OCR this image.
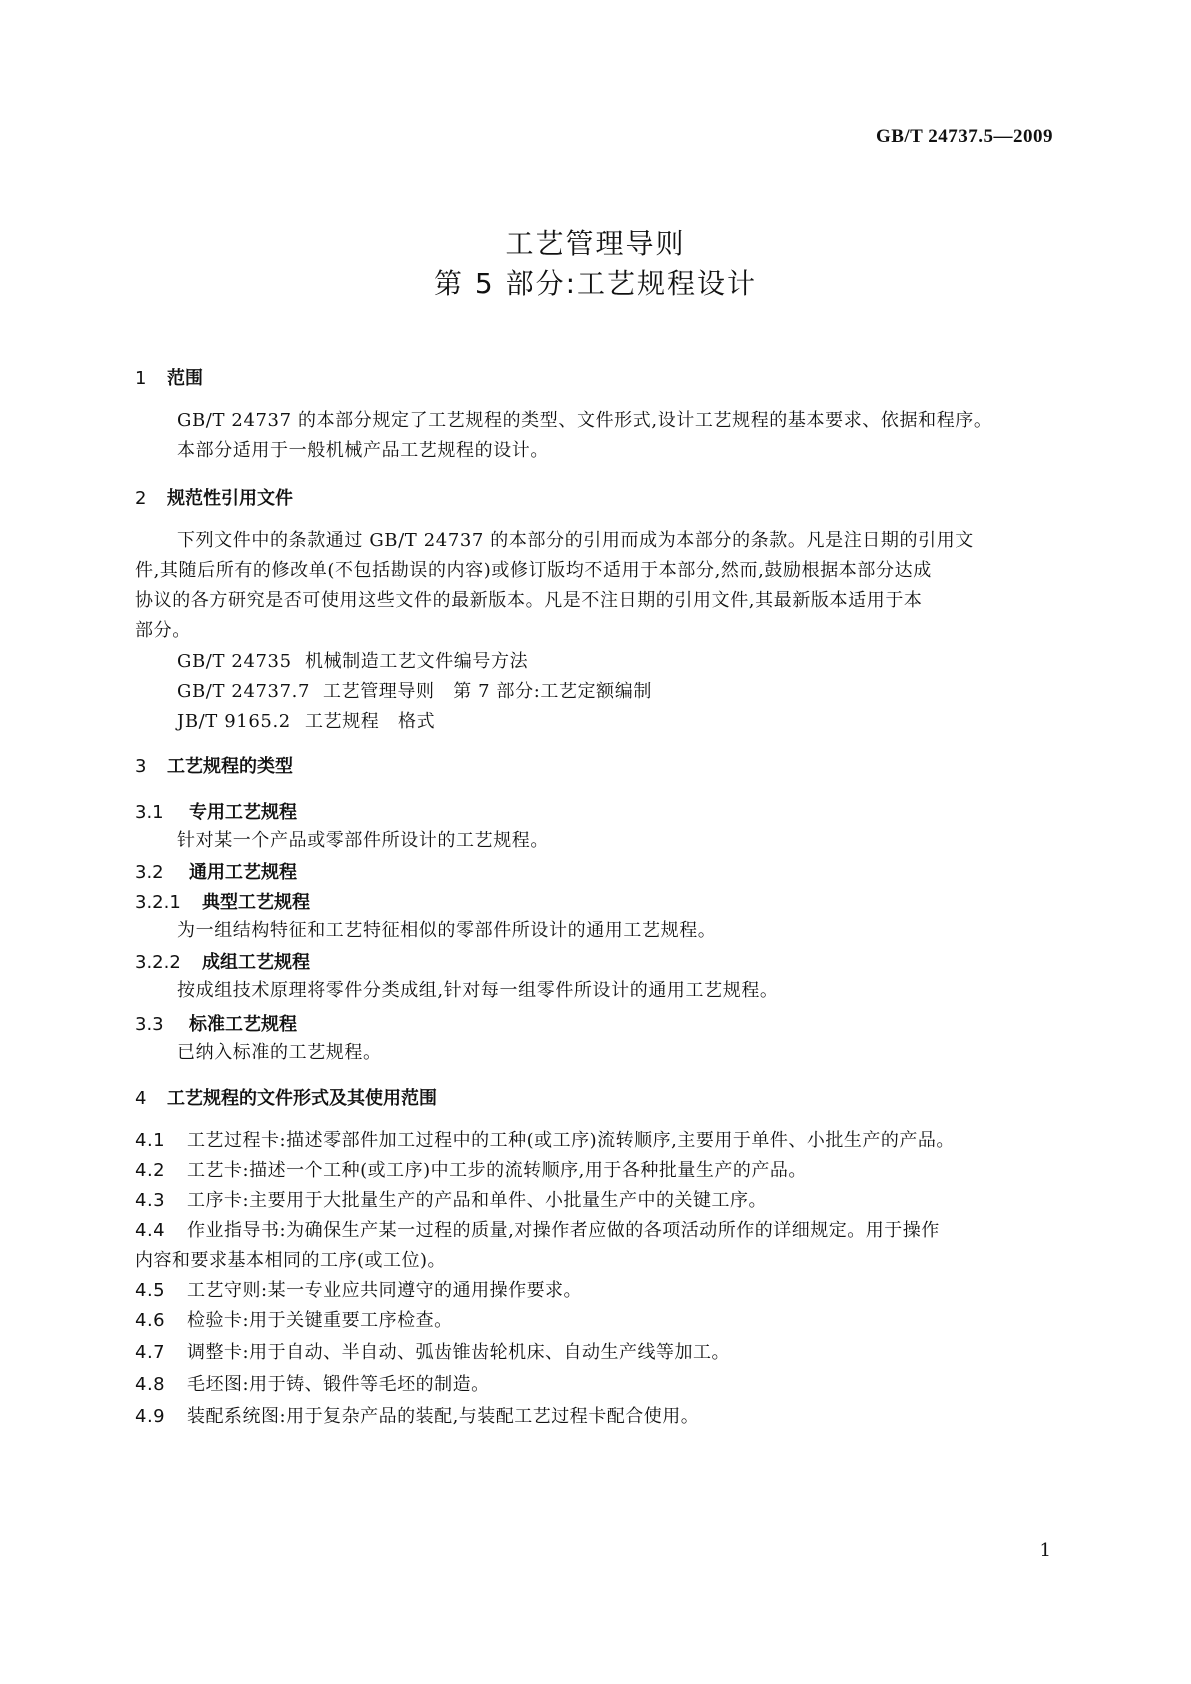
GB/T 24737.5—2009
工艺管理导则
第 5 部分:工艺规程设计
1 范围
GB/T 24737 的本部分规定了工艺规程的类型、文件形式,设计工艺规程的基本要求、依据和程序。
本部分适用于一般机械产品工艺规程的设计。
2 规范性引用文件
下列文件中的条款通过 GB/T 24737 的本部分的引用而成为本部分的条款。凡是注日期的引用文
件,其随后所有的修改单(不包括勘误的内容)或修订版均不适用于本部分,然而,鼓励根据本部分达成
协议的各方研究是否可使用这些文件的最新版本。凡是不注日期的引用文件,其最新版本适用于本
部分。
GB/T 24735 机械制造工艺文件编号方法
GB/T 24737.7 工艺管理导则　第 7 部分:工艺定额编制
JB/T 9165.2 工艺规程　格式
3 工艺规程的类型
3.1 专用工艺规程
针对某一个产品或零部件所设计的工艺规程。
3.2 通用工艺规程
3.2.1 典型工艺规程
为一组结构特征和工艺特征相似的零部件所设计的通用工艺规程。
3.2.2 成组工艺规程
按成组技术原理将零件分类成组,针对每一组零件所设计的通用工艺规程。
3.3 标准工艺规程
已纳入标准的工艺规程。
4 工艺规程的文件形式及其使用范围
4.1 工艺过程卡:描述零部件加工过程中的工种(或工序)流转顺序,主要用于单件、小批生产的产品。
4.2 工艺卡:描述一个工种(或工序)中工步的流转顺序,用于各种批量生产的产品。
4.3 工序卡:主要用于大批量生产的产品和单件、小批量生产中的关键工序。
4.4 作业指导书:为确保生产某一过程的质量,对操作者应做的各项活动所作的详细规定。用于操作
内容和要求基本相同的工序(或工位)。
4.5 工艺守则:某一专业应共同遵守的通用操作要求。
4.6 检验卡:用于关键重要工序检查。
4.7 调整卡:用于自动、半自动、弧齿锥齿轮机床、自动生产线等加工。
4.8 毛坯图:用于铸、锻件等毛坯的制造。
4.9 装配系统图:用于复杂产品的装配,与装配工艺过程卡配合使用。
1
